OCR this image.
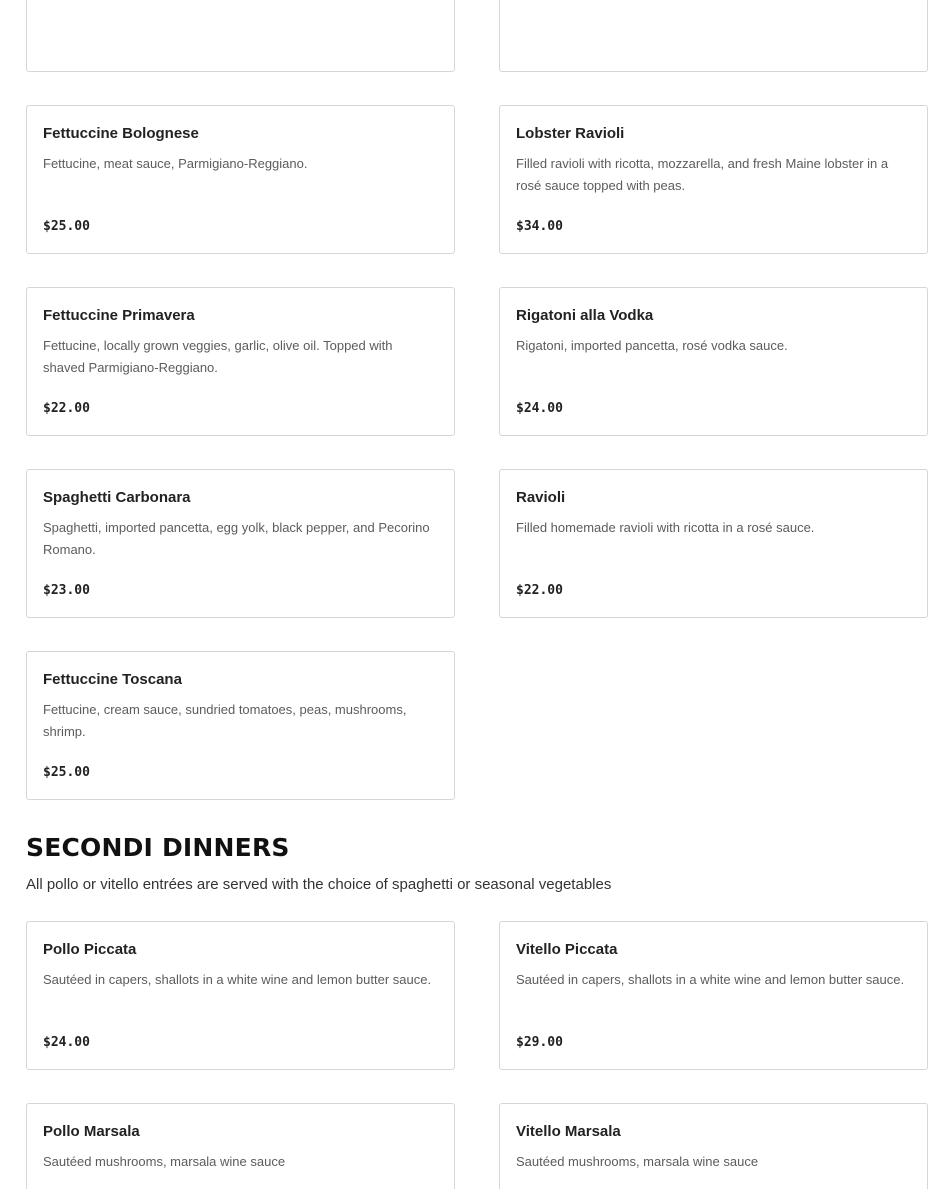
Fettuccine Bolognese
Fettucine, meat sauce, Parmigiano-Reggiano.
$25.00
Lobster Ravioli
Filled ravioli with ricotta, mozzarella, and fresh Maine lobster in a rosé sauce topped with peas.
$34.00
Fettuccine Primavera
Fettucine, locally grown veggies, garlic, olive oil. Topped with shaved Parmigiano-Reggiano.
$22.00
Rigatoni alla Vodka
Rigatoni, imported pancetta, rosé vodka sauce.
$24.00
Spaghetti Carbonara
Spaghetti, imported pancetta, egg yolk, black pepper, and Pecorino Romano.
$23.00
Ravioli
Filled homemade ravioli with ricotta in a rosé sauce.
$22.00
Fettuccine Toscana
Fettucine, cream sauce, sundried tomatoes, peas, mushrooms, shrimp.
$25.00
SECONDI DINNERS

All pollo or vitello entrées are served with the choice of spaghetti or seasonal vegetables

Pollo Piccata
Sautéed in capers, shallots in a white wine and lemon butter sauce.
$24.00
Vitello Piccata
Sautéed in capers, shallots in a white wine and lemon butter sauce.
$29.00
Pollo Marsala
Sautéed mushrooms, marsala wine sauce
Vitello Marsala
Sautéed mushrooms, marsala wine sauce
